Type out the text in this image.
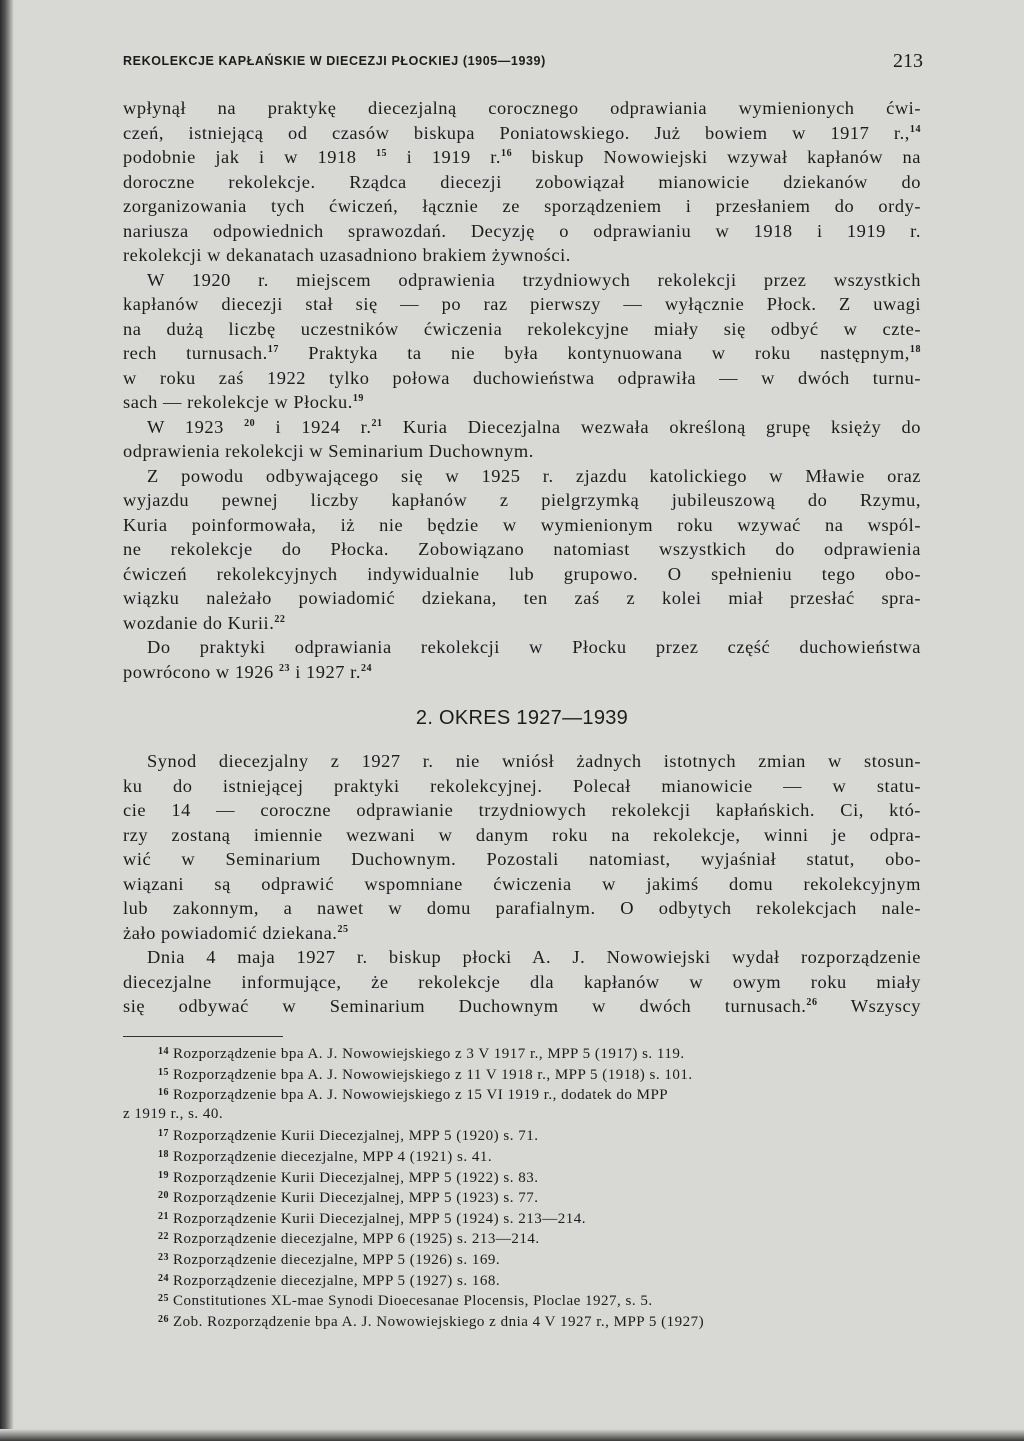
REKOLEKCJE KAPŁAŃSKIE W DIECEZJI PŁOCKIEJ (1905—1939)	213
wpłynął na praktykę diecezjalną corocznego odprawiania wymienionych ćwi-
czeń, istniejącą od czasów biskupa Poniatowskiego. Już bowiem w 1917 r.,$^{14}$
podobnie jak i w 1918 $^{15}$ i 1919 r.$^{16}$ biskup Nowowiejski wzywał kapłanów na
doroczne rekolekcje. Rządca diecezji zobowiązał mianowicie dziekanów do
zorganizowania tych ćwiczeń, łącznie ze sporządzeniem i przesłaniem do ordy-
nariusza odpowiednich sprawozdań. Decyzję o odprawianiu w 1918 i 1919 r.
rekolekcji w dekanatach uzasadniono brakiem żywności.
W 1920 r. miejscem odprawienia trzydniowych rekolekcji przez wszystkich
kapłanów diecezji stał się — po raz pierwszy — wyłącznie Płock. Z uwagi
na dużą liczbę uczestników ćwiczenia rekolekcyjne miały się odbyć w czte-
rech turnusach.$^{17}$ Praktyka ta nie była kontynuowana w roku następnym,$^{18}$
w roku zaś 1922 tylko połowa duchowieństwa odprawiła — w dwóch turnu-
sach — rekolekcje w Płocku.$^{19}$
W 1923 $^{20}$ i 1924 r.$^{21}$ Kuria Diecezjalna wezwała określoną grupę księży do
odprawienia rekolekcji w Seminarium Duchownym.
Z powodu odbywającego się w 1925 r. zjazdu katolickiego w Mławie oraz
wyjazdu pewnej liczby kapłanów z pielgrzymką jubileuszową do Rzymu,
Kuria poinformowała, iż nie będzie w wymienionym roku wzywać na wspól-
ne rekolekcje do Płocka. Zobowiązano natomiast wszystkich do odprawienia
ćwiczeń rekolekcyjnych indywidualnie lub grupowo. O spełnieniu tego obo-
wiązku należało powiadomić dziekana, ten zaś z kolei miał przesłać spra-
wozdanie do Kurii.$^{22}$
Do praktyki odprawiania rekolekcji w Płocku przez część duchowieństwa
powrócono w 1926 $^{23}$ i 1927 r.$^{24}$
2. OKRES 1927—1939
Synod diecezjalny z 1927 r. nie wniósł żadnych istotnych zmian w stosun-
ku do istniejącej praktyki rekolekcyjnej. Polecał mianowicie — w statu-
cie 14 — coroczne odprawianie trzydniowych rekolekcji kapłańskich. Ci, któ-
rzy zostaną imiennie wezwani w danym roku na rekolekcje, winni je odpra-
wić w Seminarium Duchownym. Pozostali natomiast, wyjaśniał statut, obo-
wiązani są odprawić wspomniane ćwiczenia w jakimś domu rekolekcyjnym
lub zakonnym, a nawet w domu parafialnym. O odbytych rekolekcjach nale-
żało powiadomić dziekana.$^{25}$
Dnia 4 maja 1927 r. biskup płocki A. J. Nowowiejski wydał rozporządzenie
diecezjalne informujące, że rekolekcje dla kapłanów w owym roku miały
się odbywać w Seminarium Duchownym w dwóch turnusach.$^{26}$ Wszyscy
14 Rozporządzenie bpa A. J. Nowowiejskiego z 3 V 1917 r., MPP 5 (1917) s. 119.
15 Rozporządzenie bpa A. J. Nowowiejskiego z 11 V 1918 r., MPP 5 (1918) s. 101.
16 Rozporządzenie bpa A. J. Nowowiejskiego z 15 VI 1919 r., dodatek do MPP
z 1919 r., s. 40.
17 Rozporządzenie Kurii Diecezjalnej, MPP 5 (1920) s. 71.
18 Rozporządzenie diecezjalne, MPP 4 (1921) s. 41.
19 Rozporządzenie Kurii Diecezjalnej, MPP 5 (1922) s. 83.
20 Rozporządzenie Kurii Diecezjalnej, MPP 5 (1923) s. 77.
21 Rozporządzenie Kurii Diecezjalnej, MPP 5 (1924) s. 213—214.
22 Rozporządzenie diecezjalne, MPP 6 (1925) s. 213—214.
23 Rozporządzenie diecezjalne, MPP 5 (1926) s. 169.
24 Rozporządzenie diecezjalne, MPP 5 (1927) s. 168.
25 Constitutiones XL-mae Synodi Dioecesanae Plocensis, Ploclae 1927, s. 5.
26 Zob. Rozporządzenie bpa A. J. Nowowiejskiego z dnia 4 V 1927 r., MPP 5 (1927)
